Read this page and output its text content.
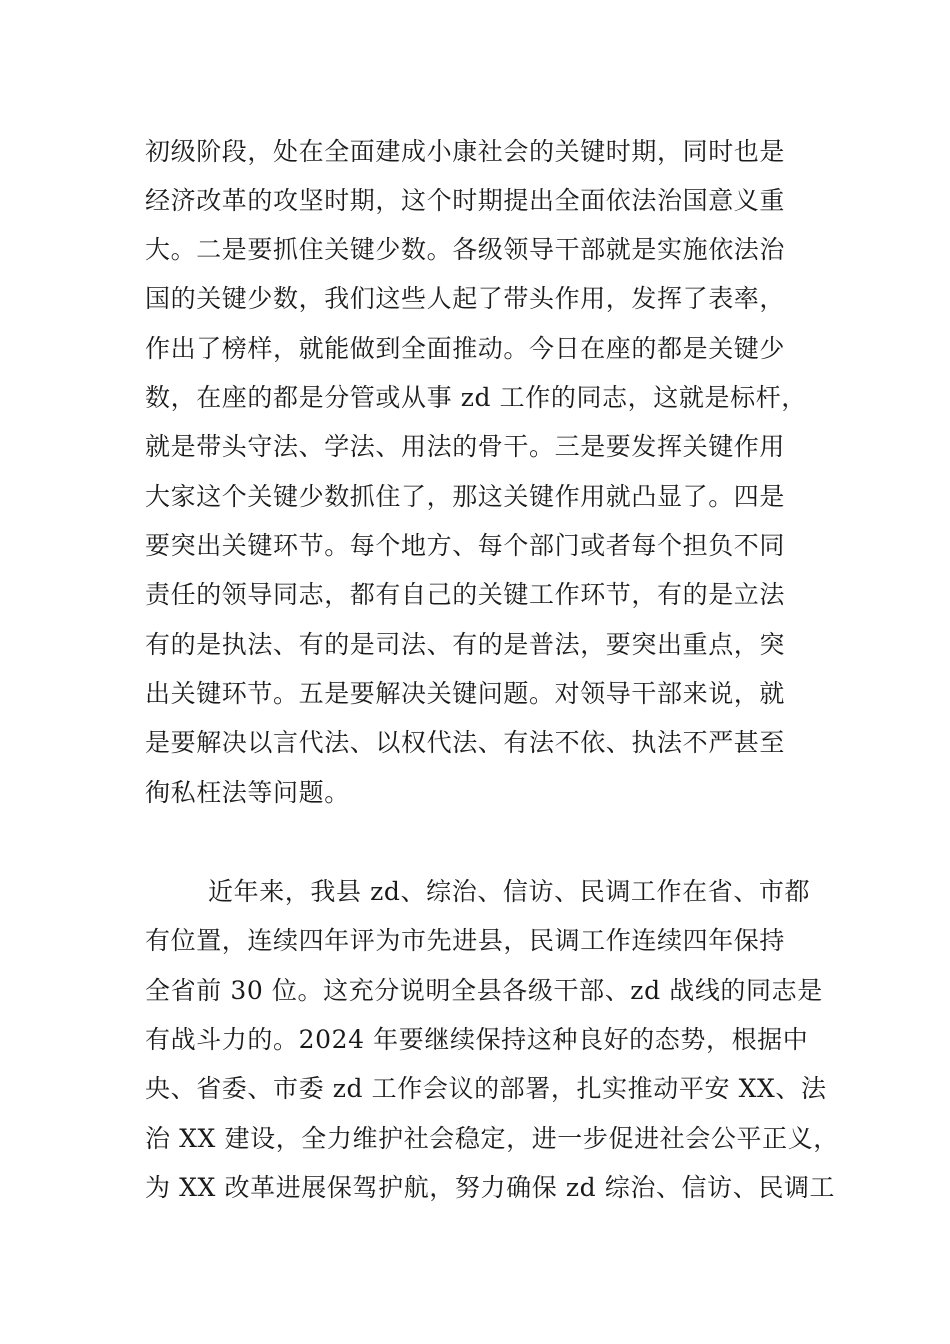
初级阶段，处在全面建成小康社会的关键时期，同时也是
经济改革的攻坚时期，这个时期提出全面依法治国意义重
大。二是要抓住关键少数。各级领导干部就是实施依法治
国的关键少数，我们这些人起了带头作用，发挥了表率，
作出了榜样，就能做到全面推动。今日在座的都是关键少
数，在座的都是分管或从事 zd 工作的同志，这就是标杆，
就是带头守法、学法、用法的骨干。三是要发挥关键作用
大家这个关键少数抓住了，那这关键作用就凸显了。四是
要突出关键环节。每个地方、每个部门或者每个担负不同
责任的领导同志，都有自己的关键工作环节，有的是立法
有的是执法、有的是司法、有的是普法，要突出重点，突
出关键环节。五是要解决关键问题。对领导干部来说，就
是要解决以言代法、以权代法、有法不依、执法不严甚至
徇私枉法等问题。
近年来，我县 zd、综治、信访、民调工作在省、市都
有位置，连续四年评为市先进县，民调工作连续四年保持
全省前 30 位。这充分说明全县各级干部、zd 战线的同志是
有战斗力的。2024 年要继续保持这种良好的态势，根据中
央、省委、市委 zd 工作会议的部署，扎实推动平安 XX、法
治 XX 建设，全力维护社会稳定，进一步促进社会公平正义，
为 XX 改革进展保驾护航，努力确保 zd 综治、信访、民调工
